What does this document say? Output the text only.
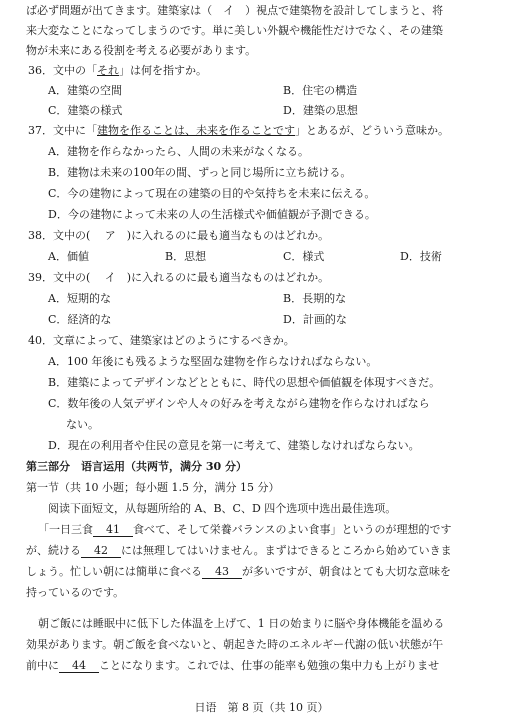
ば必ず問題が出てきます。建築家は（　イ　）視点で建築物を設計してしまうと、将
来大変なことになってしまうのです。単に美しい外観や機能性だけでなく、その建築
物が未来にある役割を考える必要があります。
36．文中の「それ」は何を指すか。
A．建築の空間	B．住宅の構造
C．建築の様式	D．建築の思想
37．文中に「建物を作ることは、未来を作ることです」とあるが、どういう意味か。
A．建物を作らなかったら、人間の未来がなくなる。
B．建物は未来の100年の間、ずっと同じ場所に立ち続ける。
C．今の建物によって現在の建築の目的や気持ちを未来に伝える。
D．今の建物によって未来の人の生活様式や価値観が予測できる。
38．文中の(　 ア　)に入れるのに最も適当なものはどれか。
A．価値	B．思想	C．様式	D．技術
39．文中の(　 イ　)に入れるのに最も適当なものはどれか。
A．短期的な	B．長期的な
C．経済的な	D．計画的な
40．文章によって、建築家はどのようにするべきか。
A．100 年後にも残るような堅固な建物を作らなければならない。
B．建築によってデザインなどとともに、時代の思想や価値観を体現すべきだ。
C．数年後の人気デザインや人々の好みを考えながら建物を作らなければなら
ない。
D．現在の利用者や住民の意見を第一に考えて、建築しなければならない。
第三部分　语言运用（共两节，满分 30 分）
第一节（共 10 小题；每小题 1.5 分，满分 15 分）
阅读下面短文，从每题所给的 A、B、C、D 四个选项中选出最佳选项。
「一日三食 41 食べて、そして栄養バランスのよい食事」というのが理想的です
が、続ける 42 には無理してはいけません。まずはできるところから始めていきま
しょう。忙しい朝には簡単に食べる 43 が多いですが、朝食はとても大切な意味を
持っているのです。
朝ご飯には睡眠中に低下した体温を上げて、1 日の始まりに脳や身体機能を温める
効果があります。朝ご飯を食べないと、朝起きた時のエネルギー代謝の低い状態が午
前中に 44 ことになります。これでは、仕事の能率も勉強の集中力も上がりませ
日语　第 8 页（共 10 页）
